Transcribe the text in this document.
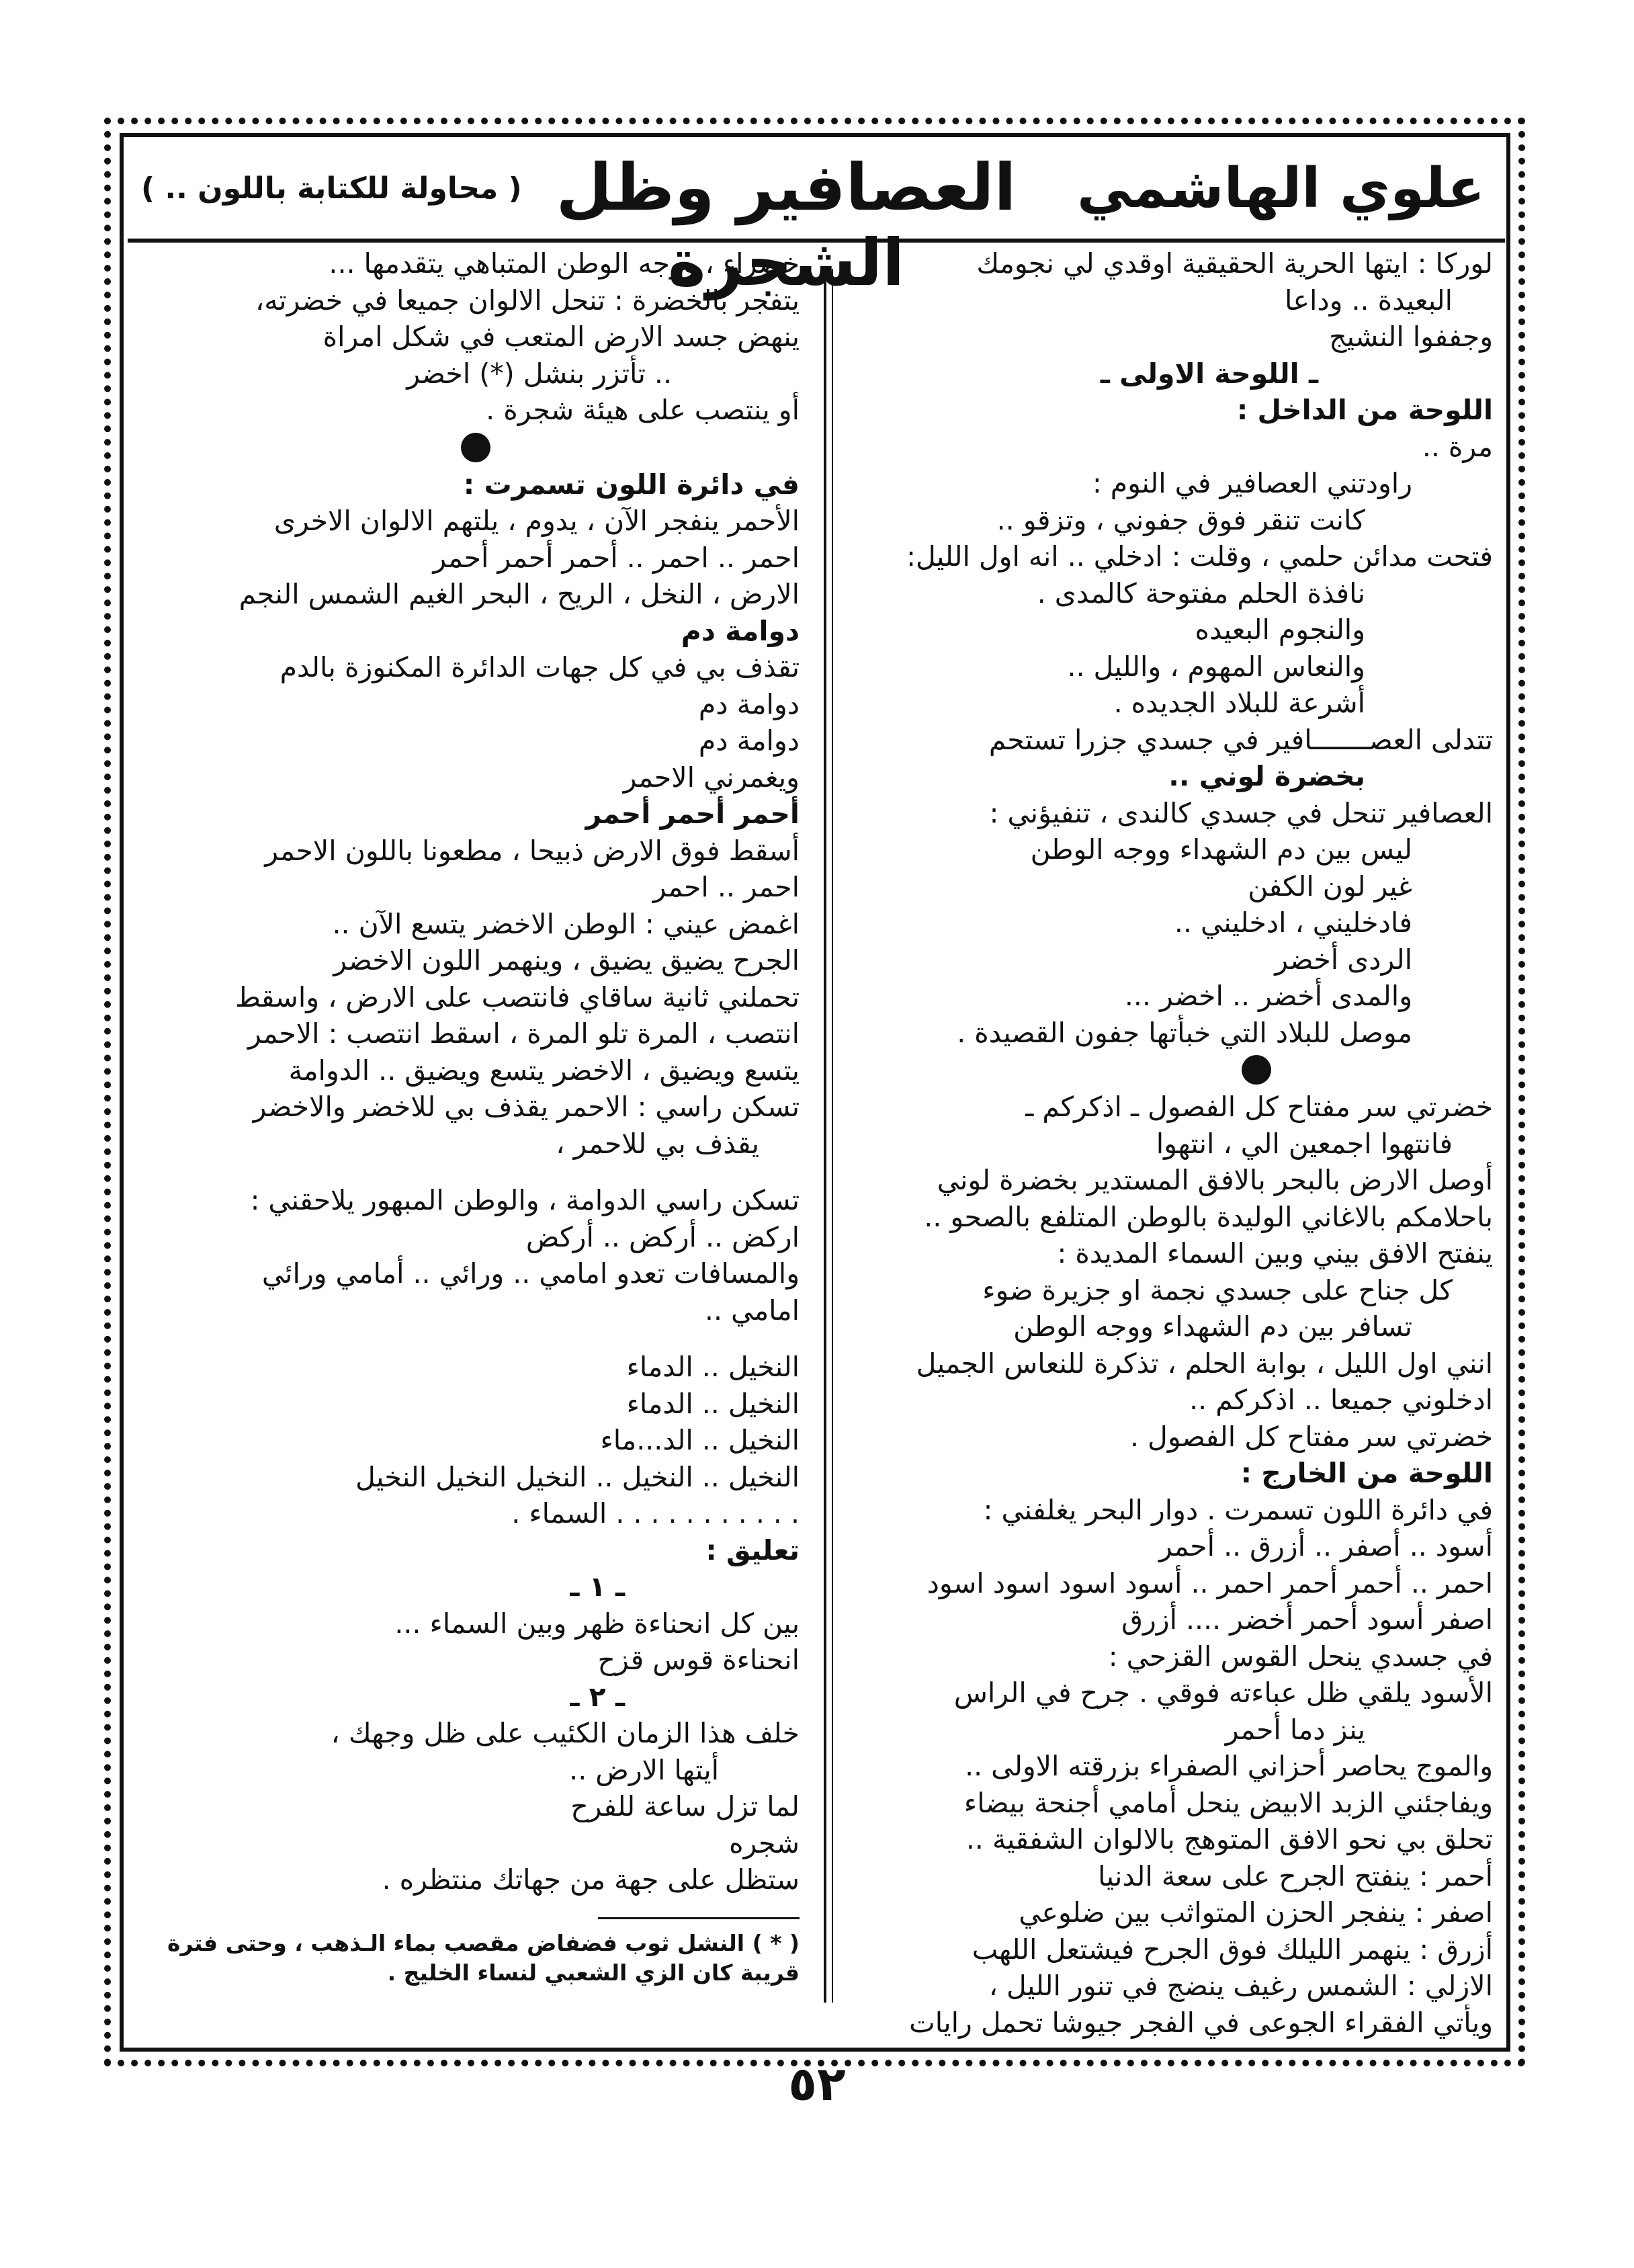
علوي الهاشمي
العصافير وظل الشجرة
( محاولة للكتابة باللون .. )
لوركا : ايتها الحرية الحقيقية اوقدي لي نجومك
البعيدة .. وداعا
وجففوا النشيج
ـ اللوحة الاولى ـ
اللوحة من الداخل :
مرة ..
راودتني العصافير في النوم :
كانت تنقر فوق جفوني ، وتزقو ..
فتحت مدائن حلمي ، وقلت : ادخلي .. انه اول الليل:
نافذة الحلم مفتوحة كالمدى .
والنجوم البعيده
والنعاس المهوم ، والليل ..
أشرعة للبلاد الجديده .
تتدلى العصـــــــافير في جسدي جزرا تستحم
بخضرة لوني ..
العصافير تنحل في جسدي كالندى ، تنفيؤني :
ليس بين دم الشهداء ووجه الوطن
غير لون الكفن
فادخليني ، ادخليني ..
الردى أخضر
والمدى أخضر .. اخضر ...
موصل للبلاد التي خبأتها جفون القصيدة .
خضرتي سر مفتاح كل الفصول ـ اذكركم ـ
فانتهوا اجمعين الي ، انتهوا
أوصل الارض بالبحر بالافق المستدير بخضرة لوني
باحلامكم بالاغاني الوليدة بالوطن المتلفع بالصحو ..
ينفتح الافق بيني وبين السماء المديدة :
كل جناح على جسدي نجمة او جزيرة ضوء
تسافر بين دم الشهداء ووجه الوطن
انني اول الليل ، بوابة الحلم ، تذكرة للنعاس الجميل
ادخلوني جميعا .. اذكركم ..
خضرتي سر مفتاح كل الفصول .
اللوحة من الخارج :
في دائرة اللون تسمرت . دوار البحر يغلفني :
أسود .. أصفر .. أزرق .. أحمر
احمر .. أحمر أحمر احمر .. أسود اسود اسود اسود
اصفر أسود أحمر أخضر .... أزرق
في جسدي ينحل القوس القزحي :
الأسود يلقي ظل عباءته فوقي . جرح في الراس
ينز دما أحمر
والموج يحاصر أحزاني الصفراء بزرقته الاولى ..
ويفاجئني الزبد الابيض ينحل أمامي أجنحة بيضاء
تحلق بي نحو الافق المتوهج بالالوان الشفقية ..
أحمر : ينفتح الجرح على سعة الدنيا
اصفر : ينفجر الحزن المتواثب بين ضلوعي
أزرق : ينهمر الليلك فوق الجرح فيشتعل اللهب
الازلي : الشمس رغيف ينضج في تنور الليل ،
ويأتي الفقراء الجوعى في الفجر جيوشا تحمل رايات
خضراء ، ووجه الوطن المتباهي يتقدمها ...
يتفجر بالخضرة : تنحل الالوان جميعا في خضرته،
ينهض جسد الارض المتعب في شكل امراة
.. تأتزر بنشل (*) اخضر
أو ينتصب على هيئة شجرة .
في دائرة اللون تسمرت :
الأحمر ينفجر الآن ، يدوم ، يلتهم الالوان الاخرى
احمر .. احمر .. أحمر أحمر أحمر
الارض ، النخل ، الريح ، البحر الغيم الشمس النجم
دوامة دم
تقذف بي في كل جهات الدائرة المكنوزة بالدم
دوامة دم
دوامة دم
ويغمرني الاحمر
أحمر أحمر أحمر
أسقط فوق الارض ذبيحا ، مطعونا باللون الاحمر
احمر .. احمر
اغمض عيني : الوطن الاخضر يتسع الآن ..
الجرح يضيق يضيق ، وينهمر اللون الاخضر
تحملني ثانية ساقاي فانتصب على الارض ، واسقط
انتصب ، المرة تلو المرة ، اسقط انتصب : الاحمر
يتسع ويضيق ، الاخضر يتسع ويضيق .. الدوامة
تسكن راسي : الاحمر يقذف بي للاخضر والاخضر
يقذف بي للاحمر ،
تسكن راسي الدوامة ، والوطن المبهور يلاحقني :
اركض .. أركض .. أركض
والمسافات تعدو امامي .. ورائي .. أمامي ورائي
امامي ..
النخيل .. الدماء
النخيل .. الدماء
النخيل .. الد...ماء
النخيل .. النخيل .. النخيل النخيل النخيل
. . . . . . . . . . . السماء .
تعليق :
ـ ١ ـ
بين كل انحناءة ظهر وبين السماء ...
انحناءة قوس قزح
ـ ٢ ـ
خلف هذا الزمان الكئيب على ظل وجهك ،
أيتها الارض ..
لما تزل ساعة للفرح
شجره
ستظل على جهة من جهاتك منتظره .
( * ) النشل ثوب فضفاض مقصب بماء الـذهب ، وحتى فترة قريبة كان الزي الشعبي لنساء الخليج .
٥٢
